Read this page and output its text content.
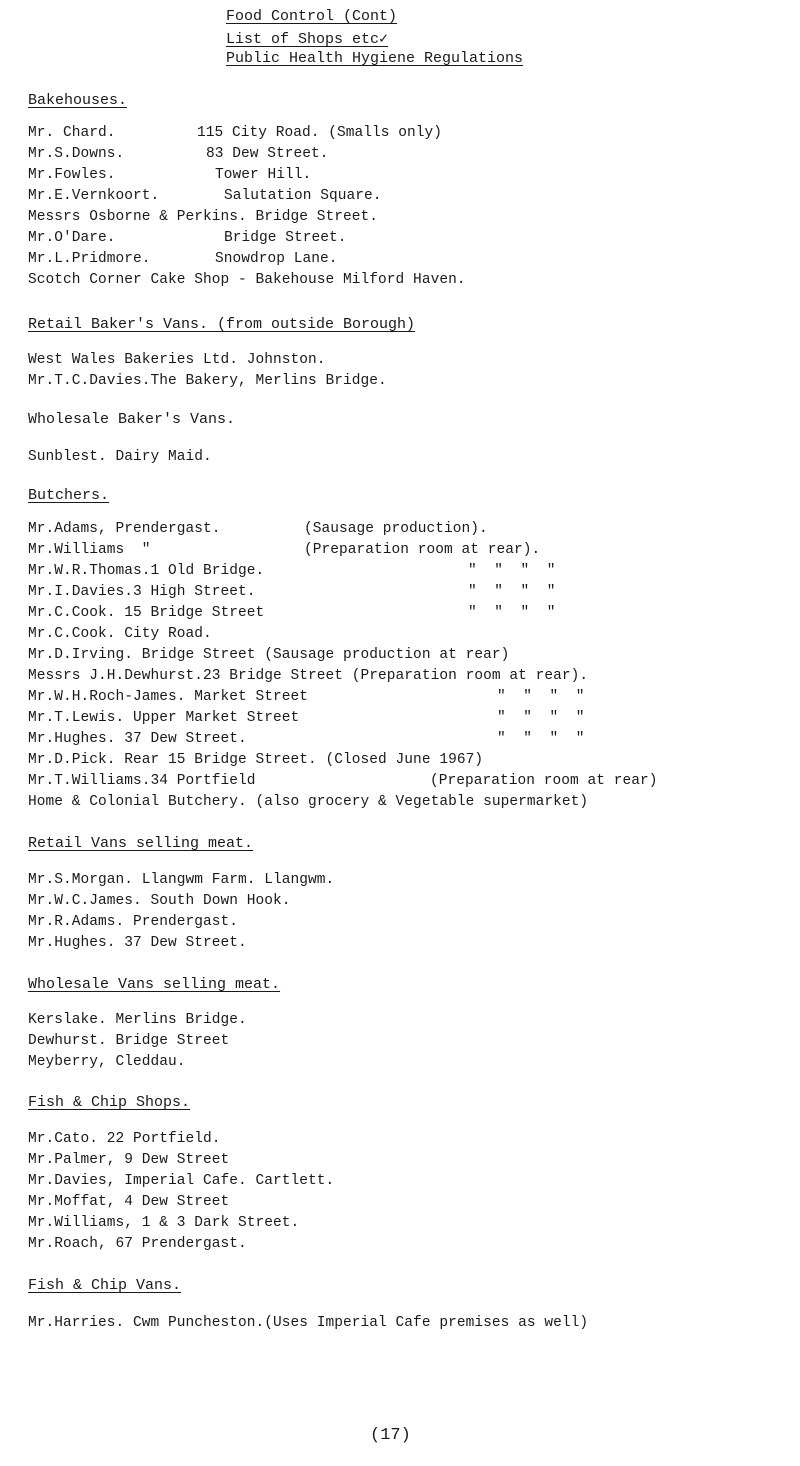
Food Control (Cont)
List of Shops etc✓
Public Health Hygiene Regulations
Bakehouses.
Mr. Chard.	115 City Road. (Smalls only)
Mr.S.Downs.	83 Dew Street.
Mr.Fowles.	Tower Hill.
Mr.E.Vernkoort.	Salutation Square.
Messrs Osborne & Perkins. Bridge Street.
Mr.O'Dare.	Bridge Street.
Mr.L.Pridmore.	Snowdrop Lane.
Scotch Corner Cake Shop - Bakehouse Milford Haven.
Retail Baker's Vans. (from outside Borough)
West Wales Bakeries Ltd. Johnston.
Mr.T.C.Davies.The Bakery, Merlins Bridge.
Wholesale Baker's Vans.
Sunblest. Dairy Maid.
Butchers.
Mr.Adams, Prendergast.	(Sausage production).
Mr.Williams  "	(Preparation room at rear).
Mr.W.R.Thomas.1 Old Bridge.	"  "  "  "
Mr.I.Davies.3 High Street.	"  "  "  "
Mr.C.Cook. 15 Bridge Street	"  "  "  "
Mr.C.Cook. City Road.
Mr.D.Irving. Bridge Street (Sausage production at rear)
Messrs J.H.Dewhurst.23 Bridge Street (Preparation room at rear).
Mr.W.H.Roch-James. Market Street	"  "  "  "
Mr.T.Lewis. Upper Market Street	"  "  "  "
Mr.Hughes. 37 Dew Street.	"  "  "  "
Mr.D.Pick. Rear 15 Bridge Street. (Closed June 1967)
Mr.T.Williams.34 Portfield	(Preparation room at rear)
Home & Colonial Butchery. (also grocery & Vegetable supermarket)
Retail Vans selling meat.
Mr.S.Morgan. Llangwm Farm. Llangwm.
Mr.W.C.James. South Down Hook.
Mr.R.Adams. Prendergast.
Mr.Hughes. 37 Dew Street.
Wholesale Vans selling meat.
Kerslake. Merlins Bridge.
Dewhurst. Bridge Street
Meyberry, Cleddau.
Fish & Chip Shops.
Mr.Cato. 22 Portfield.
Mr.Palmer, 9 Dew Street
Mr.Davies, Imperial Cafe. Cartlett.
Mr.Moffat, 4 Dew Street
Mr.Williams, 1 & 3 Dark Street.
Mr.Roach, 67 Prendergast.
Fish & Chip Vans.
Mr.Harries. Cwm Puncheston.(Uses Imperial Cafe premises as well)
(17)
